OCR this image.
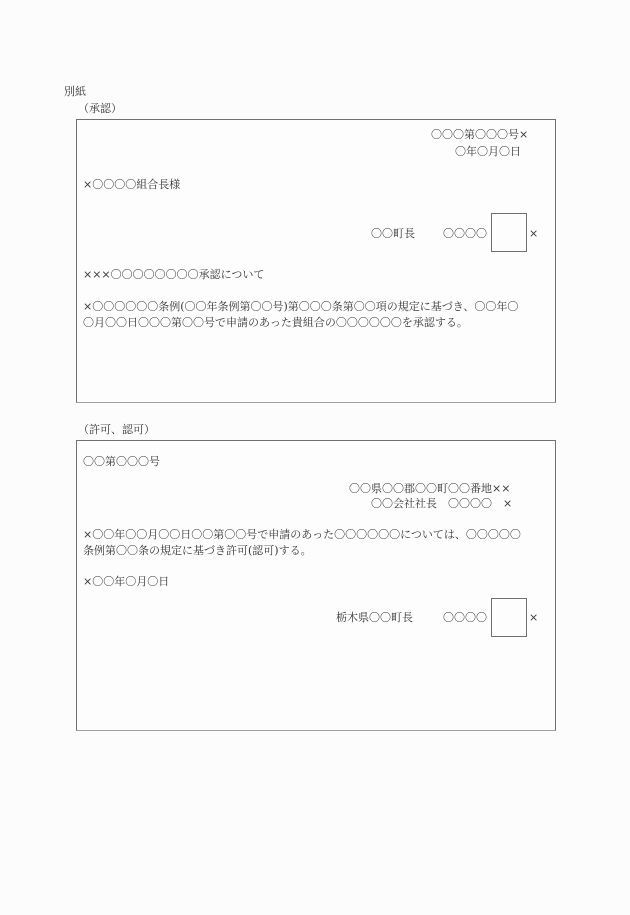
別紙
（承認）
〇〇〇第〇〇〇号×
〇年〇月〇日
×〇〇〇〇組合長様
〇〇町長	〇〇〇〇	×
×××〇〇〇〇〇〇〇〇承認について
×〇〇〇〇〇〇条例(〇〇年条例第〇〇号)第〇〇〇条第〇〇項の規定に基づき、〇〇年〇
〇月〇〇日〇〇〇第〇〇号で申請のあった貴組合の〇〇〇〇〇〇を承認する。
（許可、認可）
〇〇第〇〇〇号
〇〇県〇〇郡〇〇町〇〇番地××
〇〇会社社長　〇〇〇〇　×
×〇〇年〇〇月〇〇日〇〇第〇〇号で申請のあった〇〇〇〇〇〇については、〇〇〇〇〇
条例第〇〇条の規定に基づき許可(認可)する。
×〇〇年〇月〇日
栃木県〇〇町長	〇〇〇〇	×
